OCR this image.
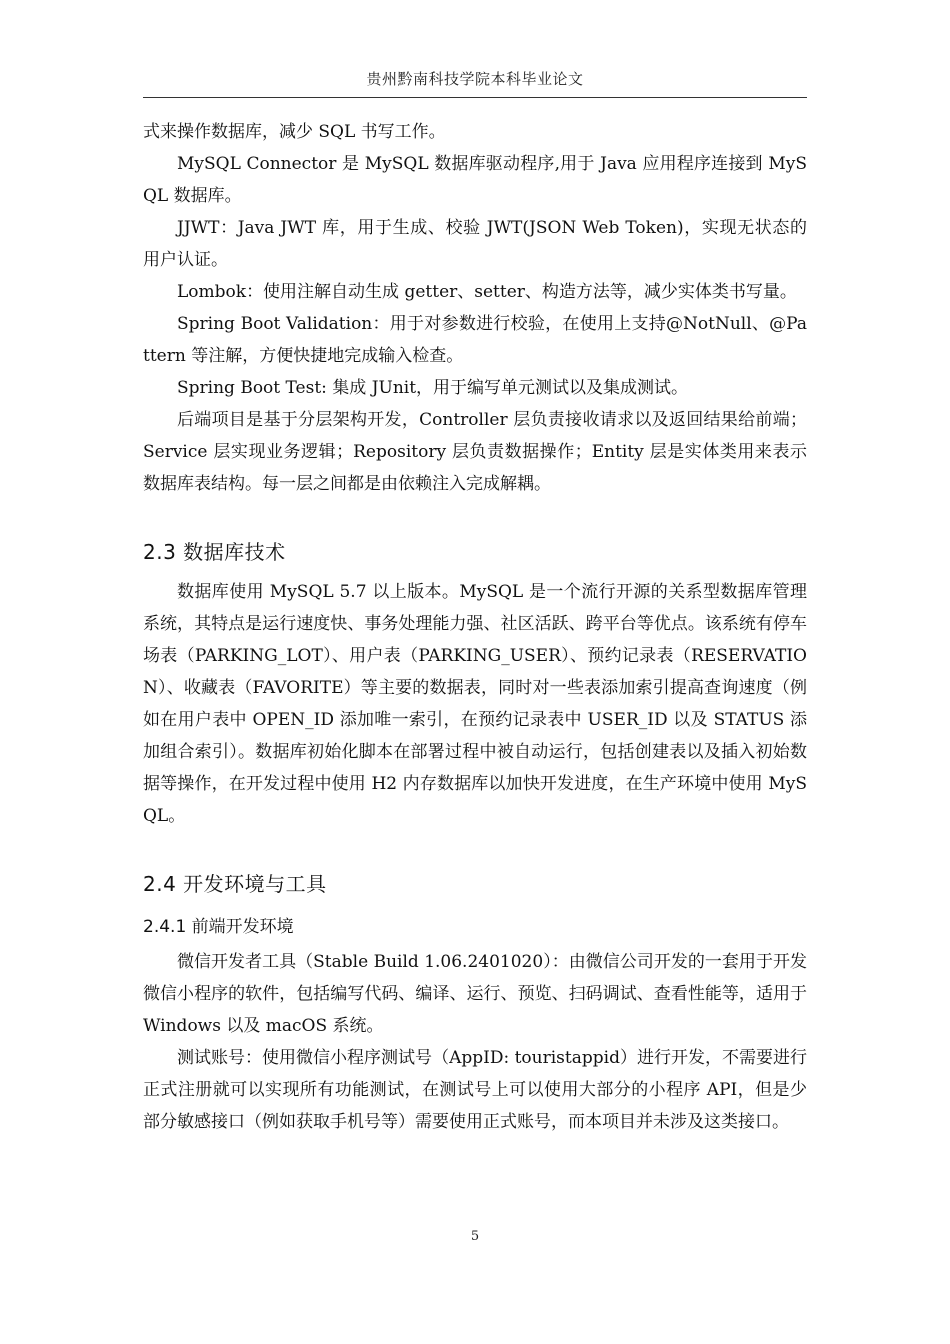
贵州黔南科技学院本科毕业论文

式来操作数据库，减少 SQL 书写工作。

MySQL Connector 是 MySQL 数据库驱动程序,用于 Java 应用程序连接到 MySQL 数据库。

JJWT：Java JWT 库，用于生成、校验 JWT(JSON Web Token)，实现无状态的用户认证。

Lombok：使用注解自动生成 getter、setter、构造方法等，减少实体类书写量。

Spring Boot Validation：用于对参数进行校验，在使用上支持@NotNull、@Pattern 等注解，方便快捷地完成输入检查。

Spring Boot Test: 集成 JUnit，用于编写单元测试以及集成测试。

后端项目是基于分层架构开发，Controller 层负责接收请求以及返回结果给前端；Service 层实现业务逻辑；Repository 层负责数据操作；Entity 层是实体类用来表示数据库表结构。每一层之间都是由依赖注入完成解耦。

2.3 数据库技术

数据库使用 MySQL 5.7 以上版本。MySQL 是一个流行开源的关系型数据库管理系统，其特点是运行速度快、事务处理能力强、社区活跃、跨平台等优点。该系统有停车场表（PARKING_LOT）、用户表（PARKING_USER）、预约记录表（RESERVATION）、收藏表（FAVORITE）等主要的数据表，同时对一些表添加索引提高查询速度（例如在用户表中 OPEN_ID 添加唯一索引，在预约记录表中 USER_ID 以及 STATUS 添加组合索引）。数据库初始化脚本在部署过程中被自动运行，包括创建表以及插入初始数据等操作，在开发过程中使用 H2 内存数据库以加快开发进度，在生产环境中使用 MySQL。

2.4 开发环境与工具
2.4.1 前端开发环境

微信开发者工具（Stable Build 1.06.2401020）：由微信公司开发的一套用于开发微信小程序的软件，包括编写代码、编译、运行、预览、扫码调试、查看性能等，适用于 Windows 以及 macOS 系统。

测试账号：使用微信小程序测试号（AppID: touristappid）进行开发，不需要进行正式注册就可以实现所有功能测试，在测试号上可以使用大部分的小程序 API，但是少部分敏感接口（例如获取手机号等）需要使用正式账号，而本项目并未涉及这类接口。

5
